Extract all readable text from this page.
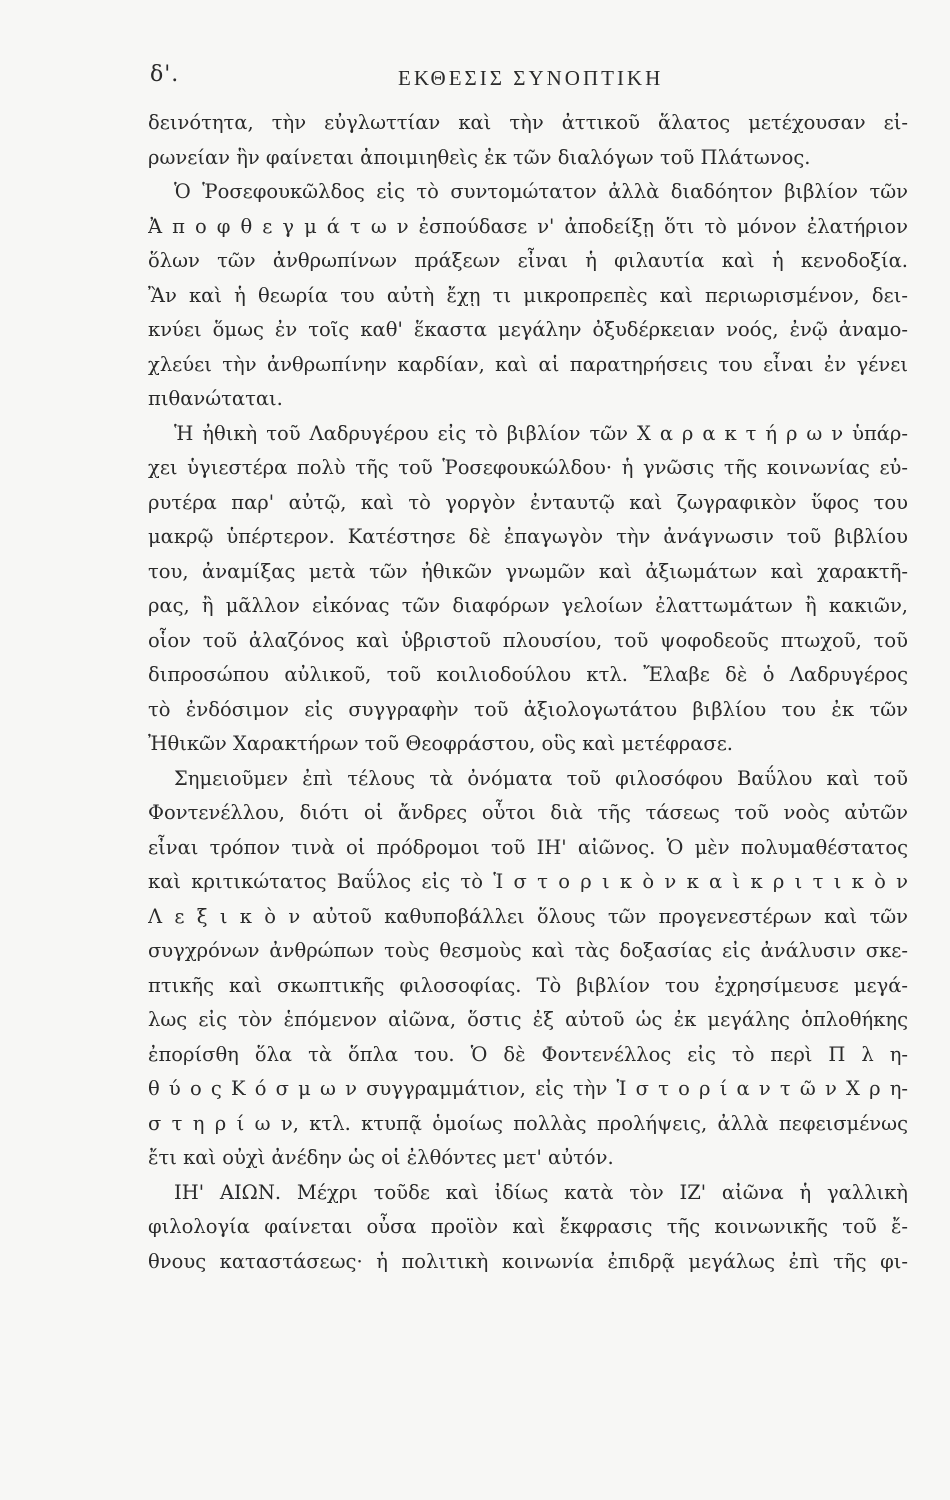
δ'.	ΕΚΘΕΣΙΣ ΣΥΝΟΠΤΙΚΗ
δεινότητα, τὴν εὐγλωττίαν καὶ τὴν ἀττικοῦ ἅλατος μετέχουσαν εἰ-
ρωνείαν ἣν φαίνεται ἀποιμιηθεὶς ἐκ τῶν διαλόγων τοῦ Πλάτωνος.
Ὁ Ῥοσεφουκῶλδος εἰς τὸ συντομώτατον ἀλλὰ διαδόητον βιβλίον τῶν
Ἀ π ο φ θ ε γ μ ά τ ω ν ἐσπούδασε ν' ἀποδείξῃ ὅτι τὸ μόνον ἐλατήριον
ὅλων τῶν ἀνθρωπίνων πράξεων εἶναι ἡ φιλαυτία καὶ ἡ κενοδοξία.
Ἂν καὶ ἡ θεωρία του αὐτὴ ἔχῃ τι μικροπρεπὲς καὶ περιωρισμένον, δει-
κνύει ὅμως ἐν τοῖς καθ' ἕκαστα μεγάλην ὀξυδέρκειαν νοός, ἐνῷ ἀναμο-
χλεύει τὴν ἀνθρωπίνην καρδίαν, καὶ αἱ παρατηρήσεις του εἶναι ἐν γένει
πιθανώταται.
Ἡ ἠθικὴ τοῦ Λαδρυγέρου εἰς τὸ βιβλίον τῶν Χ α ρ α κ τ ή ρ ω ν ὑπάρ-
χει ὑγιεστέρα πολὺ τῆς τοῦ Ῥοσεφουκώλδου· ἡ γνῶσις τῆς κοινωνίας εὐ-
ρυτέρα παρ' αὐτῷ, καὶ τὸ γοργὸν ἐνταυτῷ καὶ ζωγραφικὸν ὕφος του
μακρῷ ὑπέρτερον. Κατέστησε δὲ ἐπαγωγὸν τὴν ἀνάγνωσιν τοῦ βιβλίου
του, ἀναμίξας μετὰ τῶν ἠθικῶν γνωμῶν καὶ ἀξιωμάτων καὶ χαρακτῆ-
ρας, ἢ μᾶλλον εἰκόνας τῶν διαφόρων γελοίων ἐλαττωμάτων ἢ κακιῶν,
οἷον τοῦ ἀλαζόνος καὶ ὑβριστοῦ πλουσίου, τοῦ ψοφοδεοῦς πτωχοῦ, τοῦ
διπροσώπου αὐλικοῦ, τοῦ κοιλιοδούλου κτλ. Ἔλαβε δὲ ὁ Λαδρυγέρος
τὸ ἐνδόσιμον εἰς συγγραφὴν τοῦ ἀξιολογωτάτου βιβλίου του ἐκ τῶν
Ἠθικῶν Χαρακτήρων τοῦ Θεοφράστου, οὓς καὶ μετέφρασε.
Σημειοῦμεν ἐπὶ τέλους τὰ ὀνόματα τοῦ φιλοσόφου Βαΰλου καὶ τοῦ
Φοντενέλλου, διότι οἱ ἄνδρες οὗτοι διὰ τῆς τάσεως τοῦ νοὸς αὐτῶν
εἶναι τρόπον τινὰ οἱ πρόδρομοι τοῦ ΙΗ' αἰῶνος. Ὁ μὲν πολυμαθέστατος
καὶ κριτικώτατος Βαΰλος εἰς τὸ Ἱ σ τ ο ρ ι κ ὸ ν κ α ὶ κ ρ ι τ ι κ ὸ ν
Λ ε ξ ι κ ὸ ν αὐτοῦ καθυποβάλλει ὅλους τῶν προγενεστέρων καὶ τῶν
συγχρόνων ἀνθρώπων τοὺς θεσμοὺς καὶ τὰς δοξασίας εἰς ἀνάλυσιν σκε-
πτικῆς καὶ σκωπτικῆς φιλοσοφίας. Τὸ βιβλίον του ἐχρησίμευσε μεγά-
λως εἰς τὸν ἑπόμενον αἰῶνα, ὅστις ἐξ αὐτοῦ ὡς ἐκ μεγάλης ὁπλοθήκης
ἐπορίσθη ὅλα τὰ ὅπλα του. Ὁ δὲ Φοντενέλλος εἰς τὸ περὶ Π λ η-
θ ύ ο ς Κ ό σ μ ω ν συγγραμμάτιον, εἰς τὴν Ἱ σ τ ο ρ ί α ν τ ῶ ν Χ ρ η-
σ τ η ρ ί ω ν, κτλ. κτυπᾷ ὁμοίως πολλὰς προλήψεις, ἀλλὰ πεφεισμένως
ἔτι καὶ οὐχὶ ἀνέδην ὡς οἱ ἐλθόντες μετ' αὐτόν.
ΙΗ' ΑΙΩΝ. Μέχρι τοῦδε καὶ ἰδίως κατὰ τὸν ΙΖ' αἰῶνα ἡ γαλλικὴ
φιλολογία φαίνεται οὖσα προϊὸν καὶ ἔκφρασις τῆς κοινωνικῆς τοῦ ἔ-
θνους καταστάσεως· ἡ πολιτικὴ κοινωνία ἐπιδρᾷ μεγάλως ἐπὶ τῆς φι-
